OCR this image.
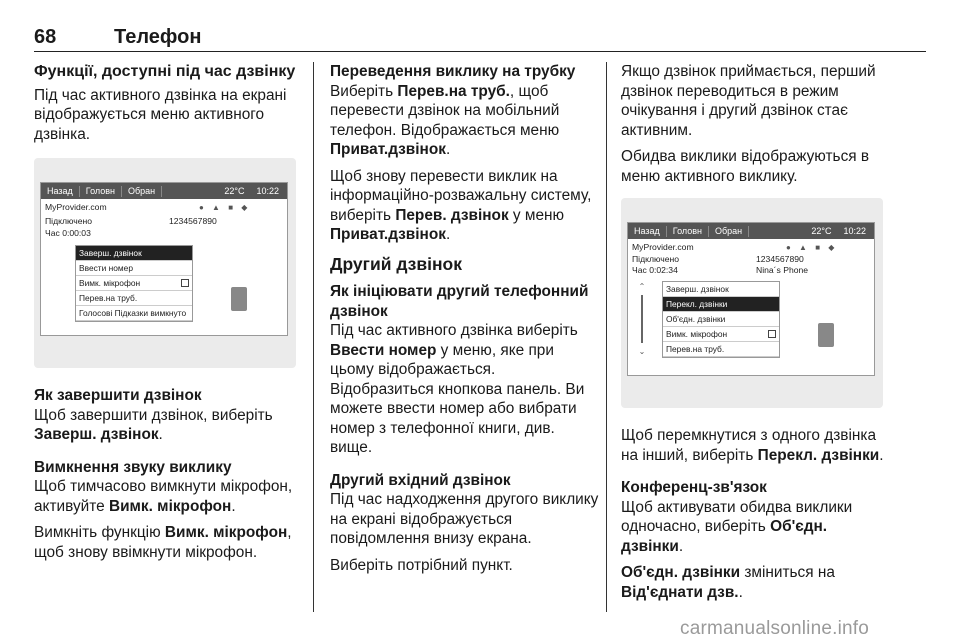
68	Телефон
Функції, доступні під час дзвінку

Під час активного дзвінка на екрані відображується меню активного дзвінка.

Назад	Головн	Обран	22°C	10:22
MyProvider.com	● ▲ ■ ◆
Підключено	1234567890
Час 0:00:03
Заверш. дзвінок
Ввести номер
Вимк. мікрофон
Перев.на труб.
Голосові Підказки вимкнуто
Як завершити дзвінок

Щоб завершити дзвінок, виберіть Заверш. дзвінок.

Вимкнення звуку виклику

Щоб тимчасово вимкнути мікрофон, активуйте Вимк. мікрофон.

Вимкніть функцію Вимк. мікрофон, щоб знову ввімкнути мікрофон.

Переведення виклику на трубку

Виберіть Перев.на труб., щоб перевести дзвінок на мобільний телефон. Відображається меню Приват.дзвінок.

Щоб знову перевести виклик на інформаційно-розважальну систему, виберіть Перев. дзвінок у меню Приват.дзвінок.

Другий дзвінок
Як ініціювати другий телефонний дзвінок

Під час активного дзвінка виберіть Ввести номер у меню, яке при цьому відображається. Відобразиться кнопкова панель. Ви можете ввести номер або вибрати номер з телефонної книги, див. вище.

Другий вхідний дзвінок

Під час надходження другого виклику на екрані відображується повідомлення внизу екрана.

Виберіть потрібний пункт.

Якщо дзвінок приймається, перший дзвінок переводиться в режим очікування і другий дзвінок стає активним.

Обидва виклики відображуються в меню активного виклику.

Назад	Головн	Обран	22°C	10:22
MyProvider.com	● ▲ ■ ◆
Підключено	1234567890
Час 0:02:34	Nina´s Phone
⌃
⌄
Заверш. дзвінок
Перекл. дзвінки
Об'єдн. дзвінки
Вимк. мікрофон
Перев.на труб.

Щоб перемкнутися з одного дзвінка на інший, виберіть Перекл. дзвінки.

Конференц-зв'язок

Щоб активувати обидва виклики одночасно, виберіть Об'єдн. дзвінки.

Об'єдн. дзвінки зміниться на Від'єднати дзв..

carmanualsonline.info
